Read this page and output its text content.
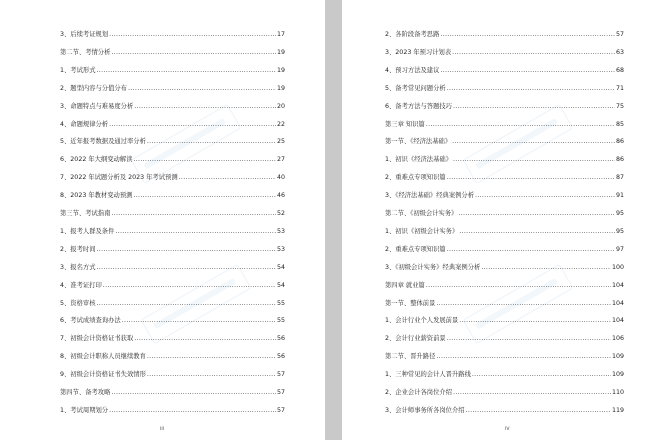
3、后续考证规划 .....	17
第二节、考情分析 .....	19
1、考试形式 .....	19
2、题型内容与分值分布 .....	19
3、命题特点与难易度分析 .....	20
4、命题规律分析 .....	22
5、近年报考数据及通过率分析 .....	25
6、2022 年大纲变动解读 .....	27
7、2022 年试题分析及 2023 年考试预测 .....	40
8、2023 年教材变动预测 .....	46
第三节、考试指南 .....	52
1、报考人群及条件 .....	53
2、报考时间 .....	53
3、报名方式 .....	54
4、准考证打印 .....	54
5、资格审核 .....	55
6、考试成绩查询办法 .....	55
7、初级会计资格证书获取 .....	56
8、初级会计职称人员继续教育 .....	56
9、初级会计资格证书失效情形 .....	57
第四节、备考攻略 .....	57
1、考试周期划分 .....	57
III
2、各阶段备考思路 .....	57
3、2023 年预习计划表 .....	63
4、预习方法及建议 .....	68
5、备考常见问题分析 .....	71
6、备考方法与答题技巧 .....	75
第三章 知识篇 .....	85
第一节、《经济法基础》 .....	86
1、初识《经济法基础》 .....	86
2、重难点专项知识篇 .....	87
3、《经济法基础》经典案例分析 .....	91
第二节、《初级会计实务》 .....	95
1、初识《初级会计实务》 .....	95
2、重难点专项知识篇 .....	97
3、《初级会计实务》经典案例分析 .....	100
第四章 就业篇 .....	104
第一节、整体前景 .....	104
1、会计行业个人发展前景 .....	104
2、会计行业薪资前景 .....	106
第二节、晋升路径 .....	109
1、三种常见的会计人晋升路线 .....	109
2、企业会计各岗位介绍 .....	110
3、会计师事务所各岗位介绍 .....	119
IV
